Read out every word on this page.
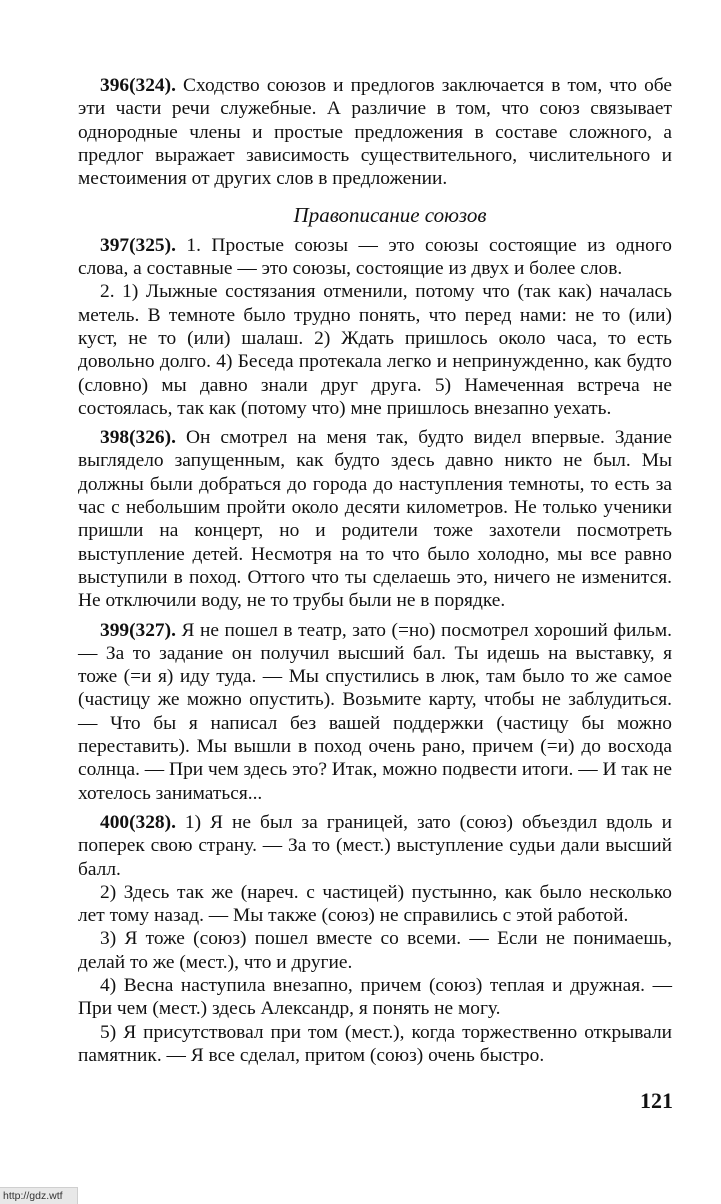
396(324). Сходство союзов и предлогов заключается в том, что обе эти части речи служебные. А различие в том, что союз связывает однородные члены и простые предложения в составе сложного, а предлог выражает зависимость существительного, числительного и местоимения от других слов в предложении.

Правописание союзов

397(325). 1. Простые союзы — это союзы состоящие из одного слова, а составные — это союзы, состоящие из двух и более слов.

2. 1) Лыжные состязания отменили, потому что (так как) началась метель. В темноте было трудно понять, что перед нами: не то (или) куст, не то (или) шалаш. 2) Ждать пришлось около часа, то есть довольно долго. 4) Беседа протекала легко и непринужденно, как будто (словно) мы давно знали друг друга. 5) Намеченная встреча не состоялась, так как (потому что) мне пришлось внезапно уехать.

398(326). Он смотрел на меня так, будто видел впервые. Здание выглядело запущенным, как будто здесь давно никто не был. Мы должны были добраться до города до наступления темноты, то есть за час с небольшим пройти около десяти километров. Не только ученики пришли на концерт, но и родители тоже захотели посмотреть выступление детей. Несмотря на то что было холодно, мы все равно выступили в поход. Оттого что ты сделаешь это, ничего не изменится. Не отключили воду, не то трубы были не в порядке.

399(327). Я не пошел в театр, зато (=но) посмотрел хороший фильм. — За то задание он получил высший бал. Ты идешь на выставку, я тоже (=и я) иду туда. — Мы спустились в люк, там было то же самое (частицу же можно опустить). Возьмите карту, чтобы не заблудиться. — Что бы я написал без вашей поддержки (частицу бы можно переставить). Мы вышли в поход очень рано, причем (=и) до восхода солнца. — При чем здесь это? Итак, можно подвести итоги. — И так не хотелось заниматься...

400(328). 1) Я не был за границей, зато (союз) объездил вдоль и поперек свою страну. — За то (мест.) выступление судьи дали высший балл.

2) Здесь так же (нареч. с частицей) пустынно, как было несколько лет тому назад. — Мы также (союз) не справились с этой работой.

3) Я тоже (союз) пошел вместе со всеми. — Если не понимаешь, делай то же (мест.), что и другие.

4) Весна наступила внезапно, причем (союз) теплая и дружная. — При чем (мест.) здесь Александр, я понять не могу.

5) Я присутствовал при том (мест.), когда торжественно открывали памятник. — Я все сделал, притом (союз) очень быстро.

121
http://gdz.wtf
